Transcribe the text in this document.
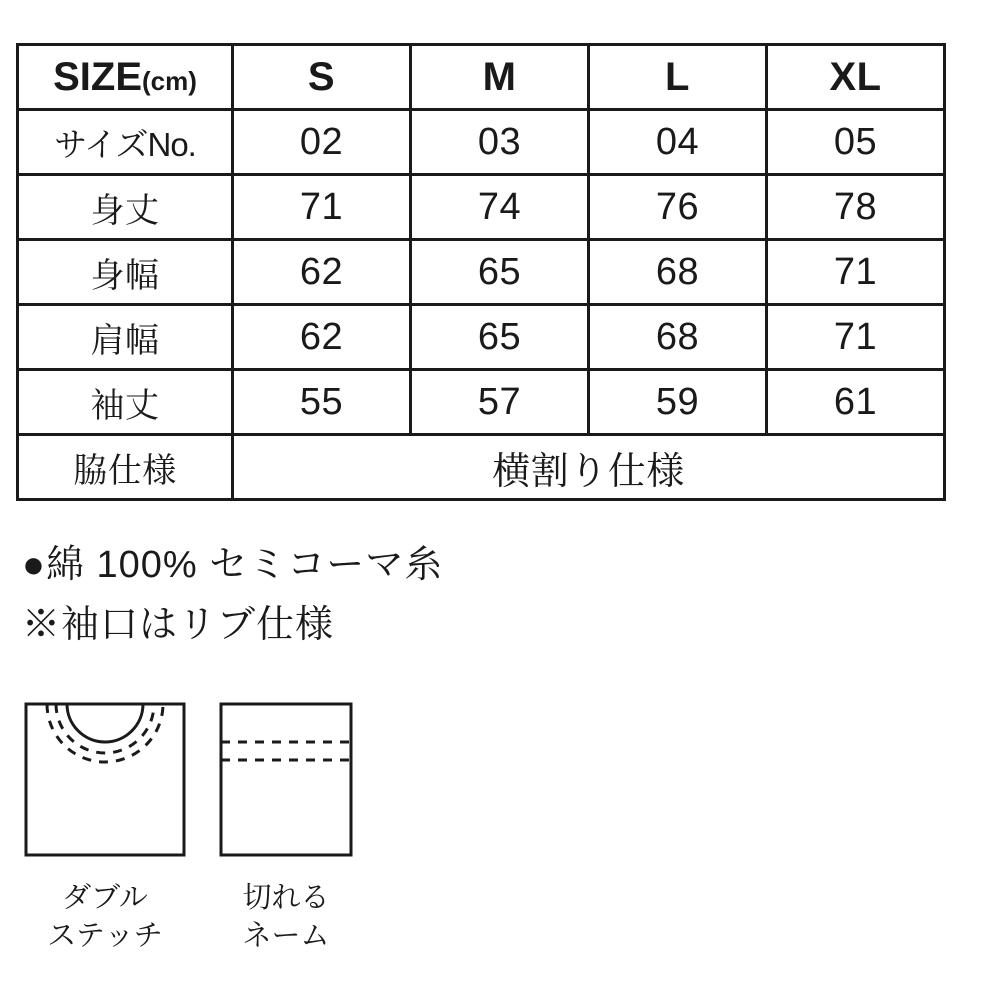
SIZE(cm)	S	M	L	XL
サイズNo.	02	03	04	05
身丈	71	74	76	78
身幅	62	65	68	71
肩幅	62	65	68	71
袖丈	55	57	59	61
脇仕様	横割り仕様			
●綿 100% セミコーマ糸
※袖口はリブ仕様
ダブル
ステッチ
切れる
ネーム
